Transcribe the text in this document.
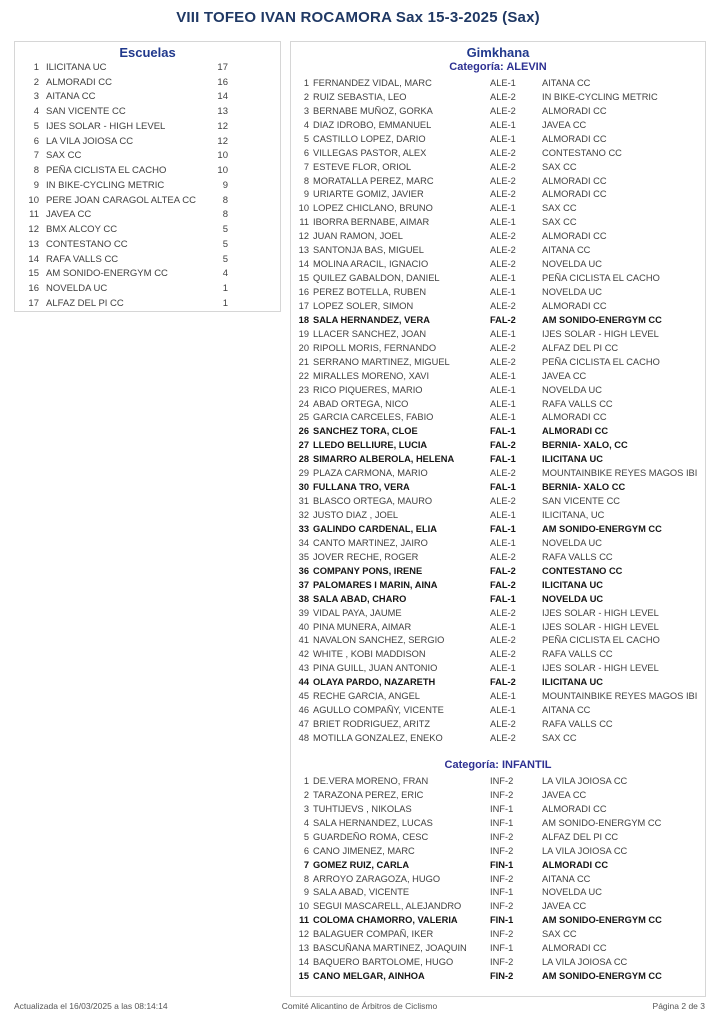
VIII TOFEO IVAN ROCAMORA Sax 15-3-2025 (Sax)
Escuelas
1 ILICITANA UC	17
2 ALMORADI CC	16
3 AITANA CC	14
4 SAN VICENTE CC	13
5 IJES SOLAR - HIGH LEVEL	12
6 LA VILA JOIOSA CC	12
7 SAX CC	10
8 PEÑA CICLISTA EL CACHO	10
9 IN BIKE-CYCLING METRIC	9
10 PERE JOAN CARAGOL ALTEA CC	8
11 JAVEA CC	8
12 BMX ALCOY CC	5
13 CONTESTANO CC	5
14 RAFA VALLS CC	5
15 AM SONIDO-ENERGYM CC	4
16 NOVELDA UC	1
17 ALFAZ DEL PI CC	1
Gimkhana
Categoría: ALEVIN
1 FERNANDEZ VIDAL, MARC	ALE-1	AITANA CC
2 RUIZ SEBASTIA, LEO	ALE-2	IN BIKE-CYCLING METRIC
3 BERNABE MUÑOZ, GORKA	ALE-2	ALMORADI CC
4 DIAZ IDROBO, EMMANUEL	ALE-1	JAVEA CC
5 CASTILLO LOPEZ, DARIO	ALE-1	ALMORADI CC
6 VILLEGAS PASTOR, ALEX	ALE-2	CONTESTANO CC
7 ESTEVE FLOR, ORIOL	ALE-2	SAX CC
8 MORATALLA PEREZ, MARC	ALE-2	ALMORADI CC
9 URIARTE GOMIZ, JAVIER	ALE-2	ALMORADI CC
10 LOPEZ CHICLANO, BRUNO	ALE-1	SAX CC
11 IBORRA BERNABE, AIMAR	ALE-1	SAX CC
12 JUAN RAMON, JOEL	ALE-2	ALMORADI CC
13 SANTONJA BAS, MIGUEL	ALE-2	AITANA CC
14 MOLINA ARACIL, IGNACIO	ALE-2	NOVELDA UC
15 QUILEZ GABALDON, DANIEL	ALE-1	PEÑA CICLISTA EL CACHO
16 PEREZ BOTELLA, RUBEN	ALE-1	NOVELDA UC
17 LOPEZ SOLER, SIMON	ALE-2	ALMORADI CC
18 SALA HERNANDEZ, VERA	FAL-2	AM SONIDO-ENERGYM CC
19 LLACER SANCHEZ, JOAN	ALE-1	IJES SOLAR - HIGH LEVEL
20 RIPOLL MORIS, FERNANDO	ALE-2	ALFAZ DEL PI CC
21 SERRANO MARTINEZ, MIGUEL	ALE-2	PEÑA CICLISTA EL CACHO
22 MIRALLES MORENO, XAVI	ALE-1	JAVEA CC
23 RICO PIQUERES, MARIO	ALE-1	NOVELDA UC
24 ABAD ORTEGA, NICO	ALE-1	RAFA VALLS CC
25 GARCIA CARCELES, FABIO	ALE-1	ALMORADI CC
26 SANCHEZ TORA, CLOE	FAL-1	ALMORADI CC
27 LLEDO BELLIURE, LUCIA	FAL-2	BERNIA- XALO, CC
28 SIMARRO ALBEROLA, HELENA	FAL-1	ILICITANA UC
29 PLAZA CARMONA, MARIO	ALE-2	MOUNTAINBIKE REYES MAGOS IBI
30 FULLANA TRO, VERA	FAL-1	BERNIA- XALO CC
31 BLASCO ORTEGA, MAURO	ALE-2	SAN VICENTE CC
32 JUSTO DIAZ , JOEL	ALE-1	ILICITANA, UC
33 GALINDO CARDENAL, ELIA	FAL-1	AM SONIDO-ENERGYM CC
34 CANTO MARTINEZ, JAIRO	ALE-1	NOVELDA UC
35 JOVER RECHE, ROGER	ALE-2	RAFA VALLS CC
36 COMPANY PONS, IRENE	FAL-2	CONTESTANO CC
37 PALOMARES I MARIN, AINA	FAL-2	ILICITANA UC
38 SALA ABAD, CHARO	FAL-1	NOVELDA UC
39 VIDAL PAYA, JAUME	ALE-2	IJES SOLAR - HIGH LEVEL
40 PINA MUNERA, AIMAR	ALE-1	IJES SOLAR - HIGH LEVEL
41 NAVALON SANCHEZ, SERGIO	ALE-2	PEÑA CICLISTA EL CACHO
42 WHITE , KOBI MADDISON	ALE-2	RAFA VALLS CC
43 PINA GUILL, JUAN ANTONIO	ALE-1	IJES SOLAR - HIGH LEVEL
44 OLAYA PARDO, NAZARETH	FAL-2	ILICITANA UC
45 RECHE GARCIA, ANGEL	ALE-1	MOUNTAINBIKE REYES MAGOS IBI
46 AGULLO COMPAÑY, VICENTE	ALE-1	AITANA CC
47 BRIET RODRIGUEZ, ARITZ	ALE-2	RAFA VALLS CC
48 MOTILLA GONZALEZ, ENEKO	ALE-2	SAX CC
Categoría: INFANTIL
1 DE.VERA MORENO, FRAN	INF-2	LA VILA JOIOSA CC
2 TARAZONA PEREZ, ERIC	INF-2	JAVEA CC
3 TUHTIJEVS , NIKOLAS	INF-1	ALMORADI CC
4 SALA HERNANDEZ, LUCAS	INF-1	AM SONIDO-ENERGYM CC
5 GUARDEÑO ROMA, CESC	INF-2	ALFAZ DEL PI CC
6 CANO JIMENEZ, MARC	INF-2	LA VILA JOIOSA CC
7 GOMEZ RUIZ, CARLA	FIN-1	ALMORADI CC
8 ARROYO ZARAGOZA, HUGO	INF-2	AITANA CC
9 SALA ABAD, VICENTE	INF-1	NOVELDA UC
10 SEGUI MASCARELL, ALEJANDRO	INF-2	JAVEA CC
11 COLOMA CHAMORRO, VALERIA	FIN-1	AM SONIDO-ENERGYM CC
12 BALAGUER COMPAÑ, IKER	INF-2	SAX CC
13 BASCUÑANA MARTINEZ, JOAQUIN	INF-1	ALMORADI CC
14 BAQUERO BARTOLOME, HUGO	INF-2	LA VILA JOIOSA CC
15 CANO MELGAR, AINHOA	FIN-2	AM SONIDO-ENERGYM CC
Actualizada el 16/03/2025 a las 08:14:14	Comité Alicantino de Árbitros de Ciclismo	Página 2 de 3
